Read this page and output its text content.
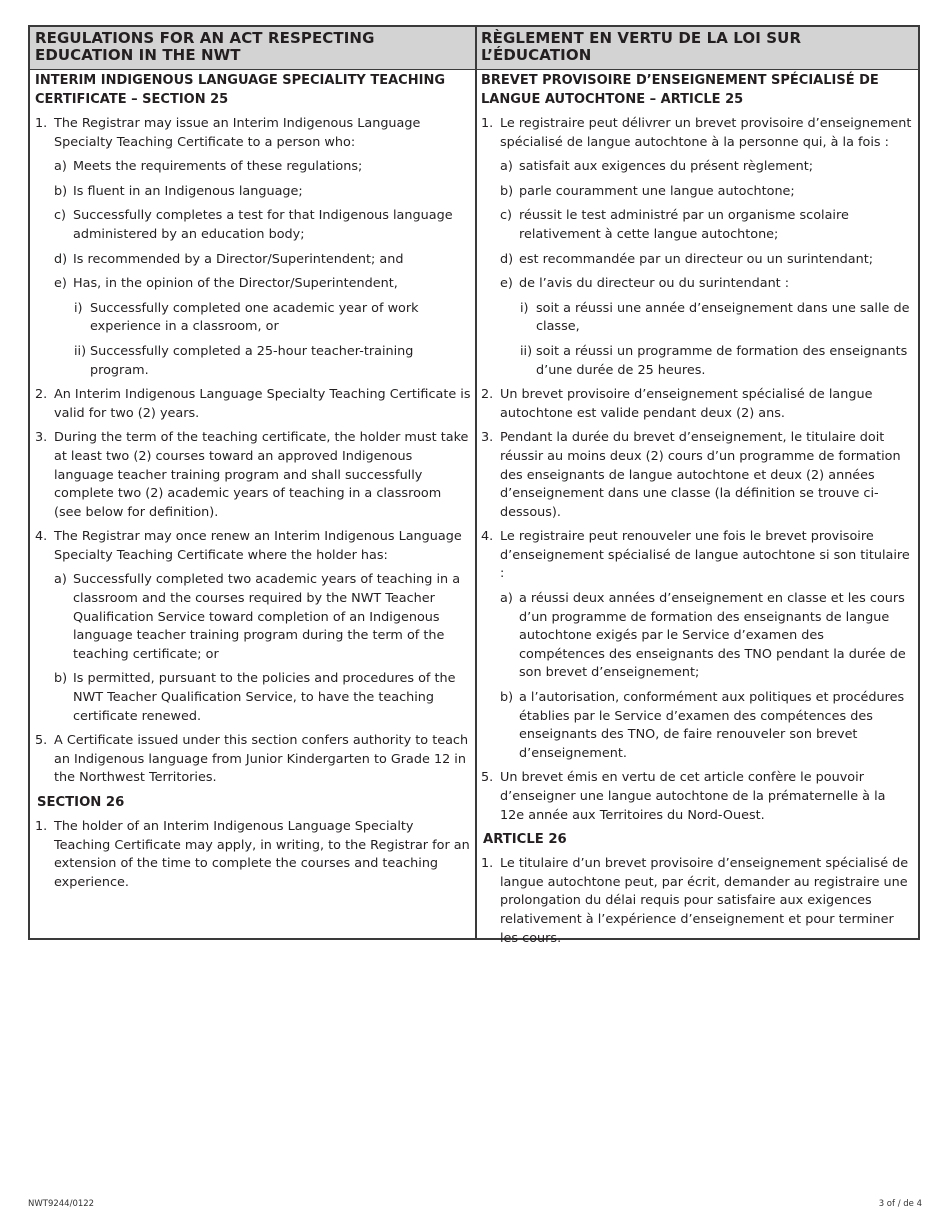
REGULATIONS FOR AN ACT RESPECTING EDUCATION IN THE NWT
RÈGLEMENT EN VERTU DE LA LOI SUR L’ÉDUCATION
INTERIM INDIGENOUS LANGUAGE SPECIALITY TEACHING CERTIFICATE – SECTION 25
1. The Registrar may issue an Interim Indigenous Language Specialty Teaching Certificate to a person who:
a) Meets the requirements of these regulations;
b) Is fluent in an Indigenous language;
c) Successfully completes a test for that Indigenous language administered by an education body;
d) Is recommended by a Director/Superintendent; and
e) Has, in the opinion of the Director/Superintendent,
i) Successfully completed one academic year of work experience in a classroom, or
ii) Successfully completed a 25-hour teacher-training program.
2. An Interim Indigenous Language Specialty Teaching Certificate is valid for two (2) years.
3. During the term of the teaching certificate, the holder must take at least two (2) courses toward an approved Indigenous language teacher training program and shall successfully complete two (2) academic years of teaching in a classroom (see below for definition).
4. The Registrar may once renew an Interim Indigenous Language Specialty Teaching Certificate where the holder has:
a) Successfully completed two academic years of teaching in a classroom and the courses required by the NWT Teacher Qualification Service toward completion of an Indigenous language teacher training program during the term of the teaching certificate; or
b) Is permitted, pursuant to the policies and procedures of the NWT Teacher Qualification Service, to have the teaching certificate renewed.
5. A Certificate issued under this section confers authority to teach an Indigenous language from Junior Kindergarten to Grade 12 in the Northwest Territories.
SECTION 26
1. The holder of an Interim Indigenous Language Specialty Teaching Certificate may apply, in writing, to the Registrar for an extension of the time to complete the courses and teaching experience.
BREVET PROVISOIRE D’ENSEIGNEMENT SPÉCIALISÉ DE LANGUE AUTOCHTONE – ARTICLE 25
1. Le registraire peut délivrer un brevet provisoire d’enseignement spécialisé de langue autochtone à la personne qui, à la fois :
a) satisfait aux exigences du présent règlement;
b) parle couramment une langue autochtone;
c) réussit le test administré par un organisme scolaire relativement à cette langue autochtone;
d) est recommandée par un directeur ou un surintendant;
e) de l’avis du directeur ou du surintendant :
i) soit a réussi une année d’enseignement dans une salle de classe,
ii) soit a réussi un programme de formation des enseignants d’une durée de 25 heures.
2. Un brevet provisoire d’enseignement spécialisé de langue autochtone est valide pendant deux (2) ans.
3. Pendant la durée du brevet d’enseignement, le titulaire doit réussir au moins deux (2) cours d’un programme de formation des enseignants de langue autochtone et deux (2) années d’enseignement dans une classe (la définition se trouve ci-dessous).
4. Le registraire peut renouveler une fois le brevet provisoire d’enseignement spécialisé de langue autochtone si son titulaire :
a) a réussi deux années d’enseignement en classe et les cours d’un programme de formation des enseignants de langue autochtone exigés par le Service d’examen des compétences des enseignants des TNO pendant la durée de son brevet d’enseignement;
b) a l’autorisation, conformément aux politiques et procédures établies par le Service d’examen des compétences des enseignants des TNO, de faire renouveler son brevet d’enseignement.
5. Un brevet émis en vertu de cet article confère le pouvoir d’enseigner une langue autochtone de la prématernelle à la 12e année aux Territoires du Nord-Ouest.
ARTICLE 26
1. Le titulaire d’un brevet provisoire d’enseignement spécialisé de langue autochtone peut, par écrit, demander au registraire une prolongation du délai requis pour satisfaire aux exigences relativement à l’expérience d’enseignement et pour terminer les cours.
NWT9244/0122	3 of / de 4
